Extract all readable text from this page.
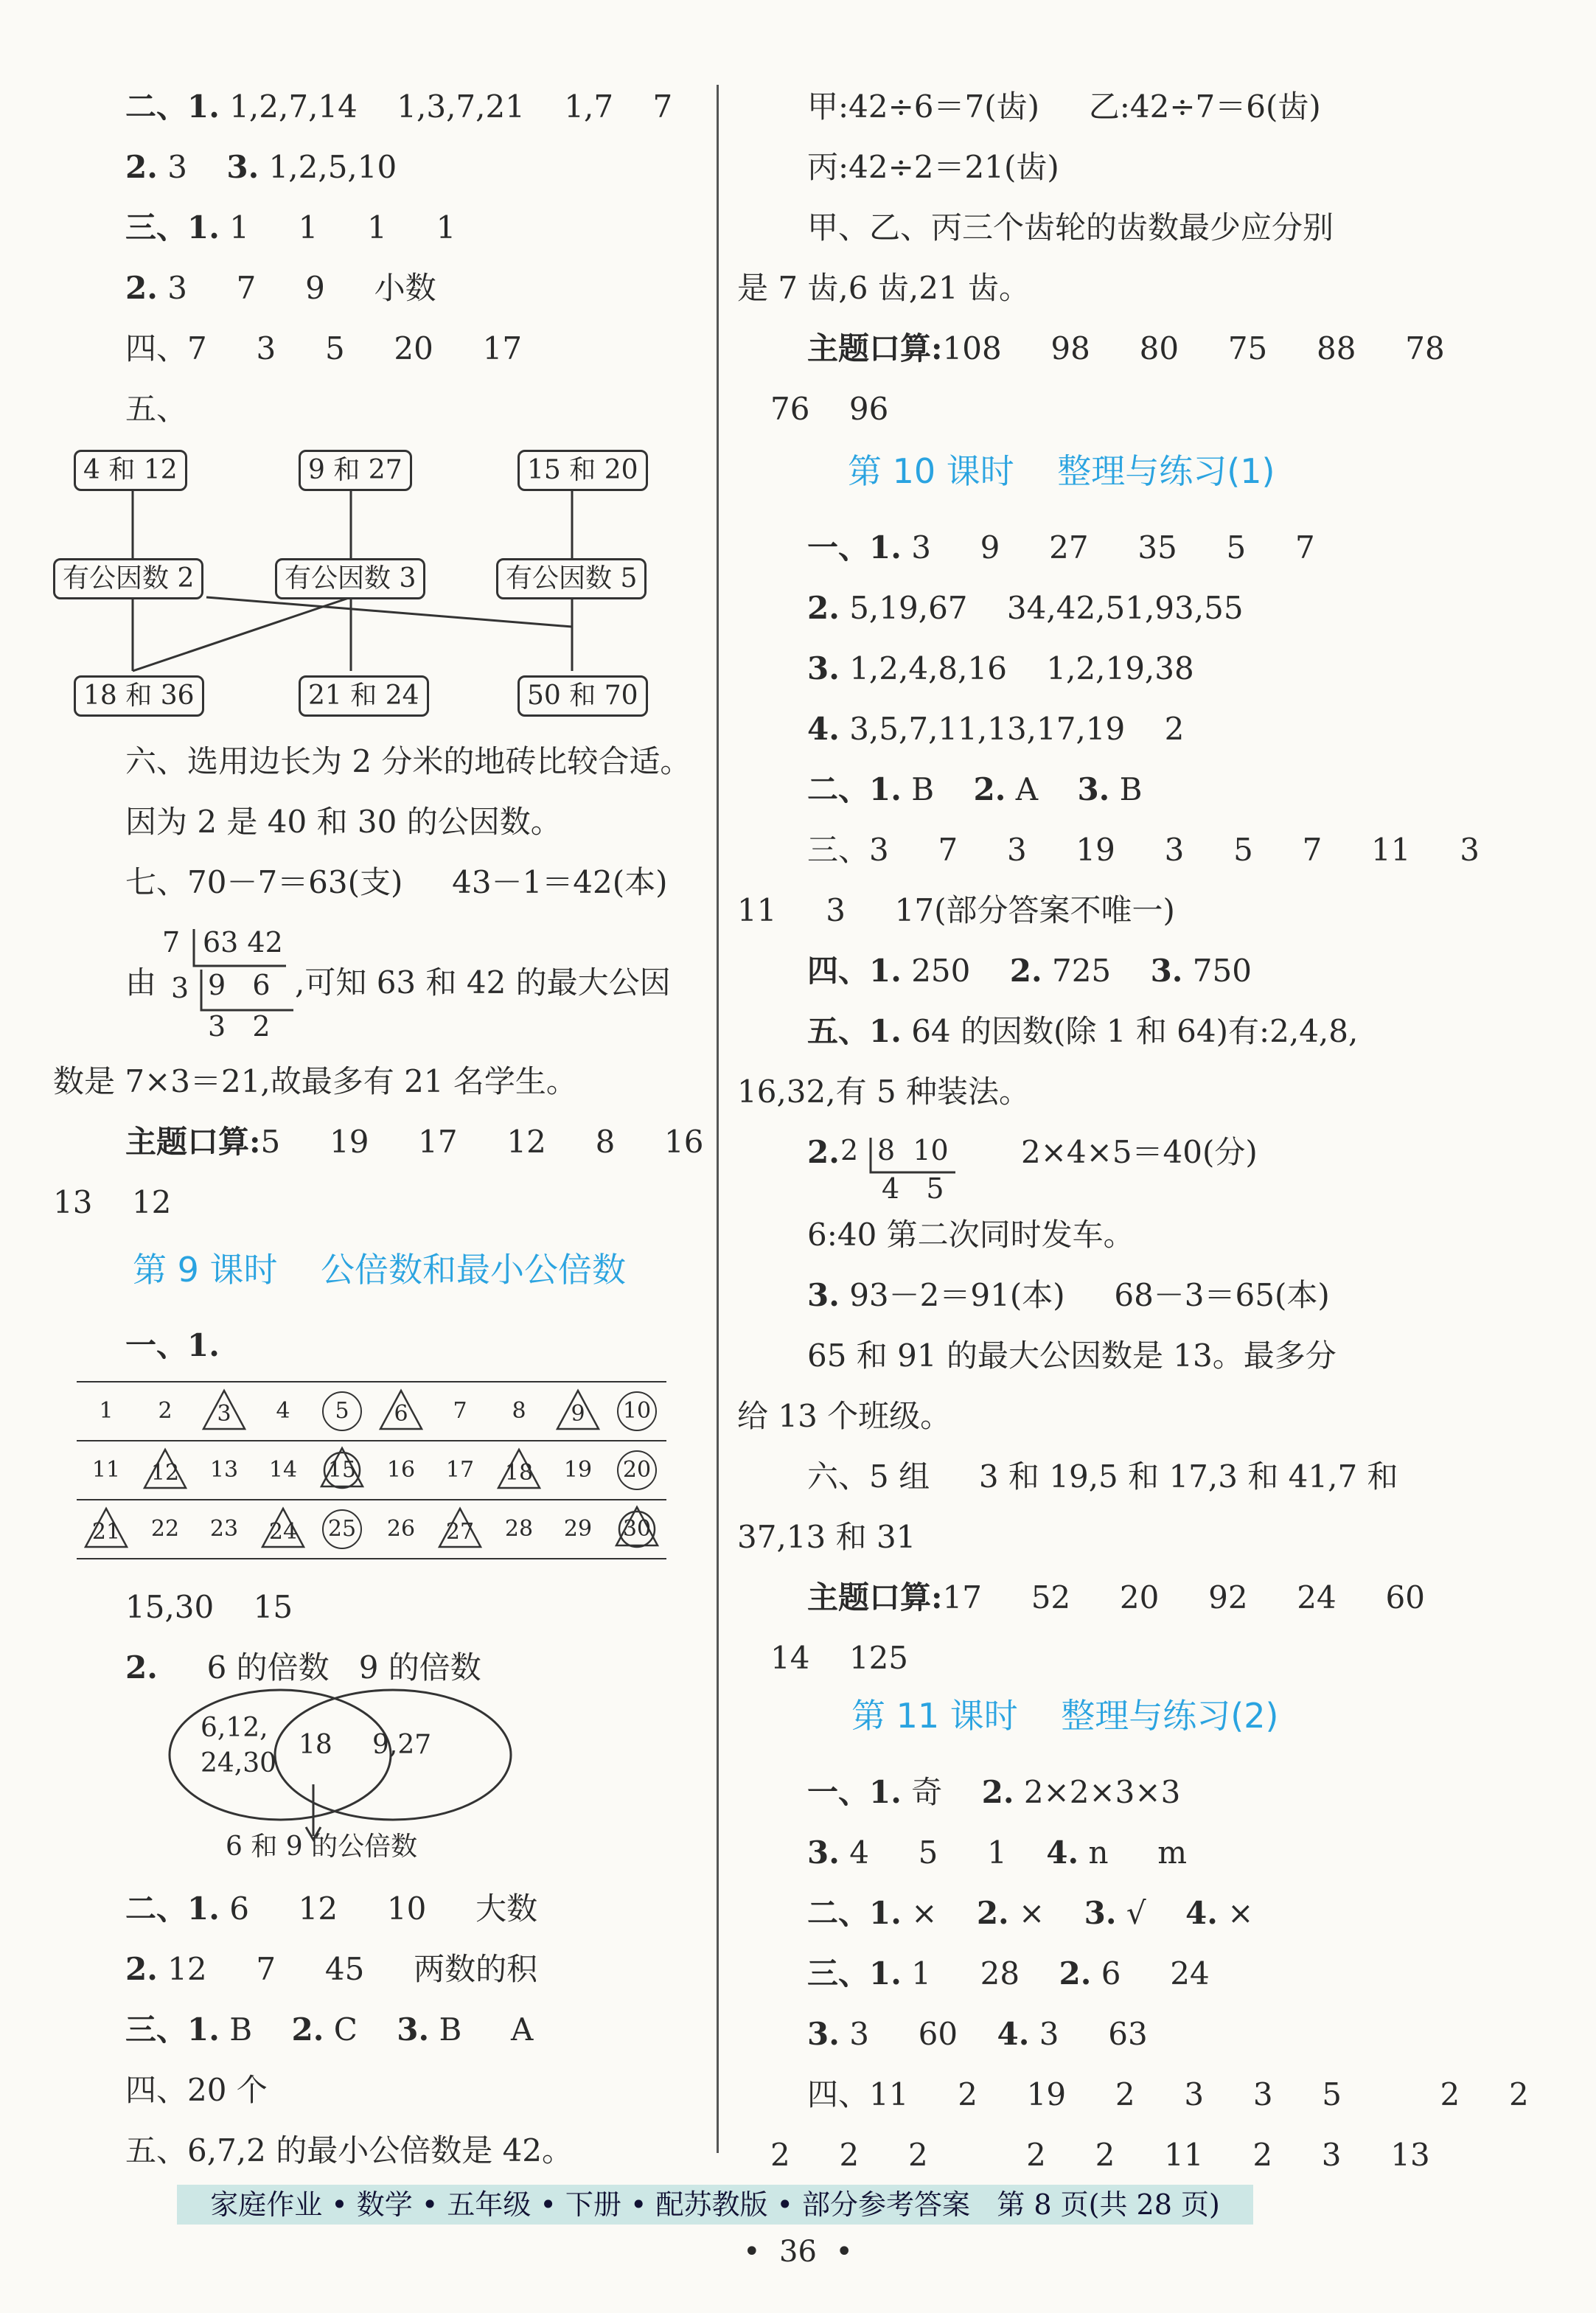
二、1. 1,2,7,14    1,3,7,21    1,7    7
2. 3    3. 1,2,5,10
三、1. 1     1     1     1
2. 3     7     9     小数
四、7     3     5     20     17
五、
六、选用边长为 2 分米的地砖比较合适。
因为 2 是 40 和 30 的公因数。
七、70－7＝63(支)     43－1＝42(本)
由	,可知 63 和 42 的最大公因
数是 7×3＝21,故最多有 21 名学生。
主题口算:5     19     17     12     8     16
13    12
一、1.
15,30    15
2.     6 的倍数   9 的倍数
二、1. 6     12     10     大数
2. 12     7     45     两数的积
三、1. B    2. C    3. B     A
四、20 个
五、6,7,2 的最小公倍数是 42。
甲:42÷6＝7(齿)     乙:42÷7＝6(齿)
丙:42÷2＝21(齿)
甲、乙、丙三个齿轮的齿数最少应分别
是 7 齿,6 齿,21 齿。
主题口算:108     98     80     75     88     78
76    96
一、1. 3     9     27     35     5     7
2. 5,19,67    34,42,51,93,55
3. 1,2,4,8,16    1,2,19,38
4. 3,5,7,11,13,17,19    2
二、1. B    2. A    3. B
三、3     7     3     19     3     5     7     11     3
11     3     17(部分答案不唯一)
四、1. 250    2. 725    3. 750
五、1. 64 的因数(除 1 和 64)有:2,4,8,
16,32,有 5 种装法。
2.	2×4×5＝40(分)
6:40 第二次同时发车。
3. 93－2＝91(本)     68－3＝65(本)
65 和 91 的最大公因数是 13。最多分
给 13 个班级。
六、5 组     3 和 19,5 和 17,3 和 41,7 和
37,13 和 31
主题口算:17     52     20     92     24     60
14    125
一、1. 奇    2. 2×2×3×3
3. 4     5     1    4. n     m
二、1. ×    2. ×    3. √    4. ×
三、1. 1     28    2. 6     24
3. 3     60    4. 3     63
四、11     2     19     2     3     3     5          2     2
2     2     2          2     2     11     2     3     13
第 9 课时    公倍数和最小公倍数
第 10 课时    整理与练习(1)
第 11 课时    整理与练习(2)
4 和 12	9 和 27	15 和 20
有公因数 2	有公因数 3	有公因数 5
18 和 36	21 和 24	50 和 70
7 63 42
3 9   6
3   2
1	2	3	4	5	6	7	8	9	10
11	12	13	14	15	16	17	18	19	20

21	22	23	24	25	26	27	28	29	30
6,12,
24,30
18 9,27
6 和 9 的公倍数
2 8  10
4   5
家庭作业 • 数学 • 五年级 • 下册 • 配苏教版 • 部分参考答案   第 8 页(共 28 页)
•  36  •
